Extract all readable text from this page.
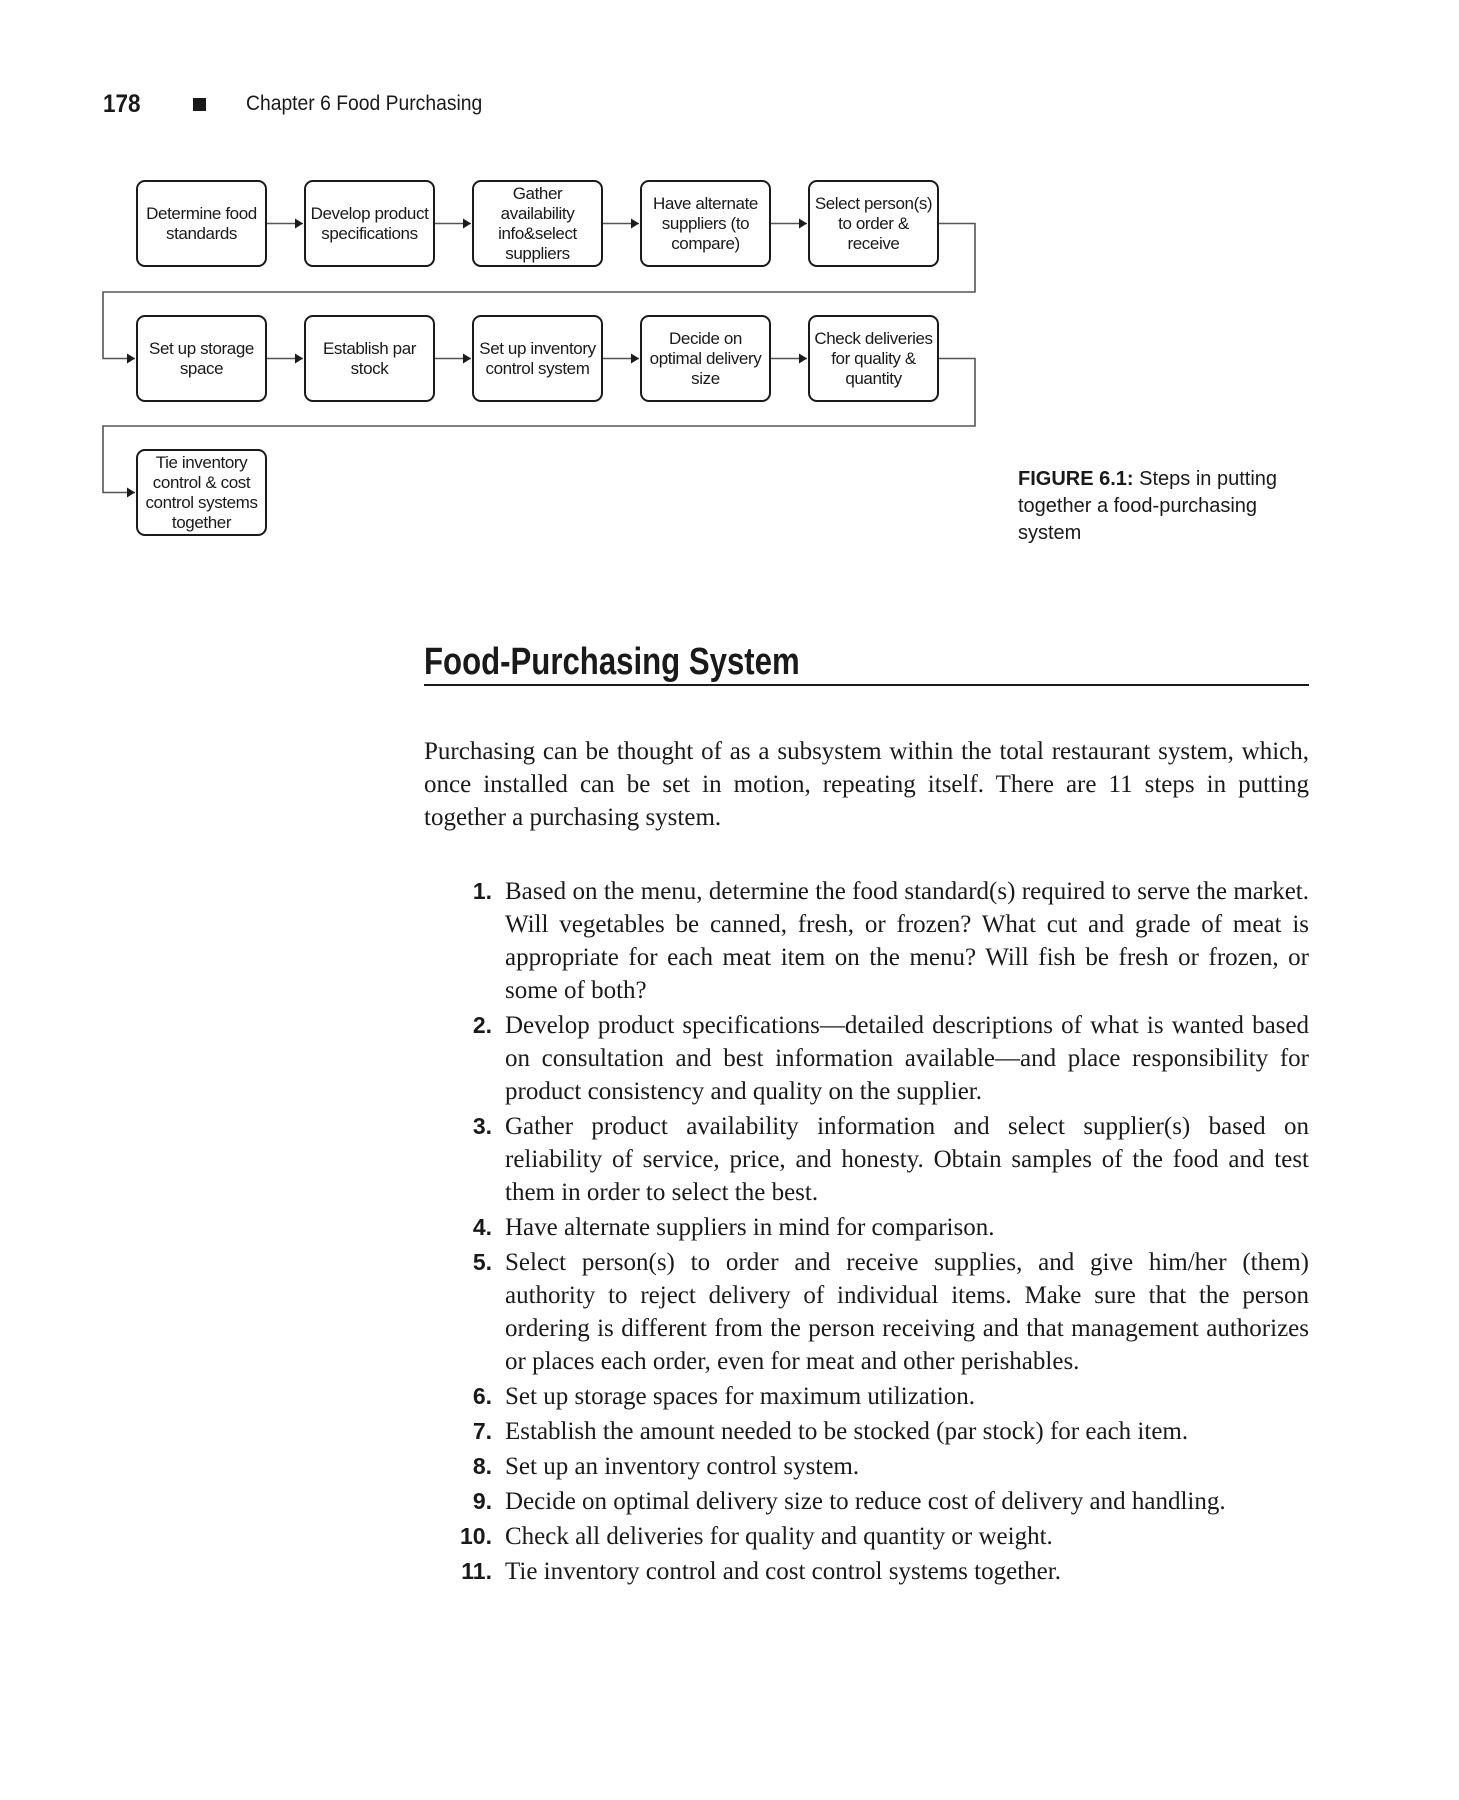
178	Chapter 6 Food Purchasing
Determine food standards
Develop product specifications
Gather availability info&select suppliers
Have alternate suppliers (to compare)
Select person(s) to order & receive
Set up storage space
Establish par stock
Set up inventory control system
Decide on optimal delivery size
Check deliveries for quality & quantity
Tie inventory control & cost control systems together
FIGURE 6.1: Steps in putting together a food-purchasing system
Food-Purchasing System
Purchasing can be thought of as a subsystem within the total restaurant system, which, once installed can be set in motion, repeating itself. There are 11 steps in putting together a purchasing system.
1. Based on the menu, determine the food standard(s) required to serve the market. Will vegetables be canned, fresh, or frozen? What cut and grade of meat is appropriate for each meat item on the menu? Will fish be fresh or frozen, or some of both?
2. Develop product specifications—detailed descriptions of what is wanted based on consultation and best information available—and place responsibility for product consistency and quality on the supplier.
3. Gather product availability information and select supplier(s) based on reliability of service, price, and honesty. Obtain samples of the food and test them in order to select the best.
4. Have alternate suppliers in mind for comparison.
5. Select person(s) to order and receive supplies, and give him/her (them) authority to reject delivery of individual items. Make sure that the person ordering is different from the person receiving and that management authorizes or places each order, even for meat and other perishables.
6. Set up storage spaces for maximum utilization.
7. Establish the amount needed to be stocked (par stock) for each item.
8. Set up an inventory control system.
9. Decide on optimal delivery size to reduce cost of delivery and handling.
10. Check all deliveries for quality and quantity or weight.
11. Tie inventory control and cost control systems together.
